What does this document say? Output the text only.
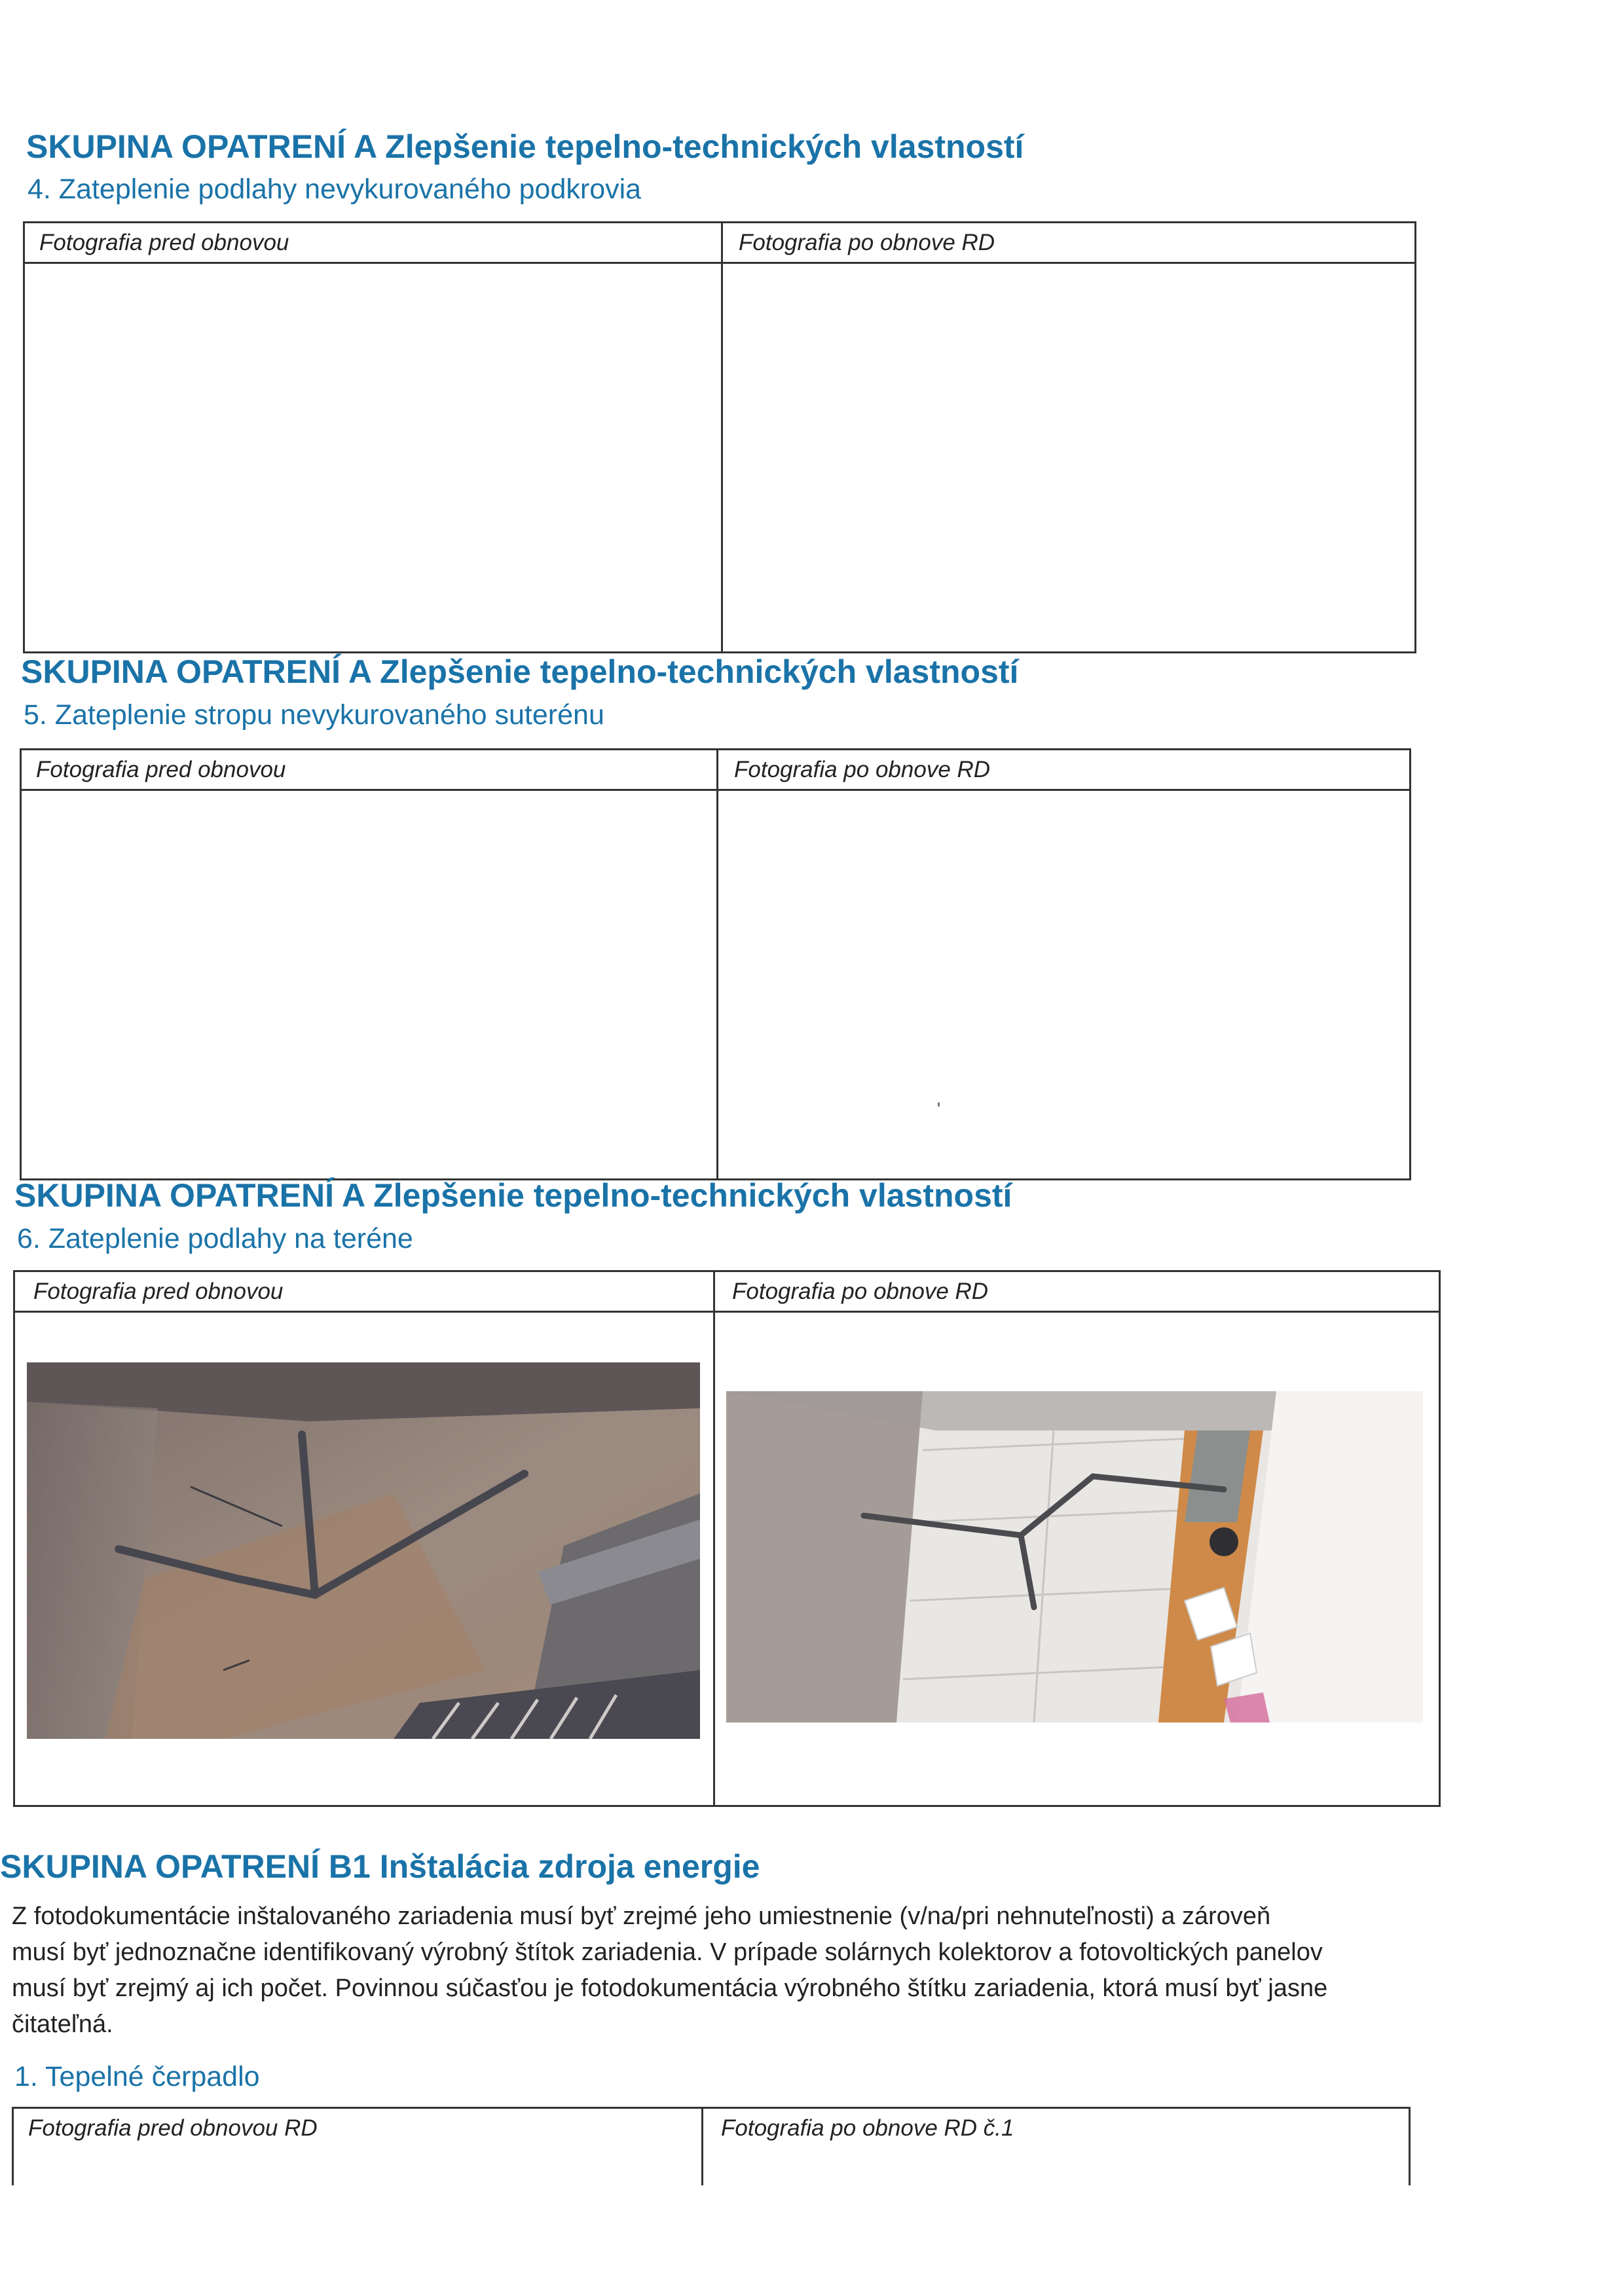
SKUPINA OPATRENÍ A Zlepšenie tepelno-technických vlastností
4. Zateplenie podlahy nevykurovaného podkrovia
Fotografia pred obnovou	Fotografia po obnove RD
SKUPINA OPATRENÍ A Zlepšenie tepelno-technických vlastností
5. Zateplenie stropu nevykurovaného suterénu
Fotografia pred obnovou	Fotografia po obnove RD
SKUPINA OPATRENÍ A Zlepšenie tepelno-technických vlastností
6. Zateplenie podlahy na teréne
Fotografia pred obnovou	Fotografia po obnove RD
SKUPINA OPATRENÍ B1 Inštalácia zdroja energie

Z fotodokumentácie inštalovaného zariadenia musí byť zrejmé jeho umiestnenie (v/na/pri nehnuteľnosti) a zároveň

musí byť jednoznačne identifikovaný výrobný štítok zariadenia. V prípade solárnych kolektorov a fotovoltických panelov

musí byť zrejmý aj ich počet. Povinnou súčasťou je fotodokumentácia výrobného štítku zariadenia, ktorá musí byť jasne

čitateľná.

1. Tepelné čerpadlo
Fotografia pred obnovou RD	Fotografia po obnove RD č.1
